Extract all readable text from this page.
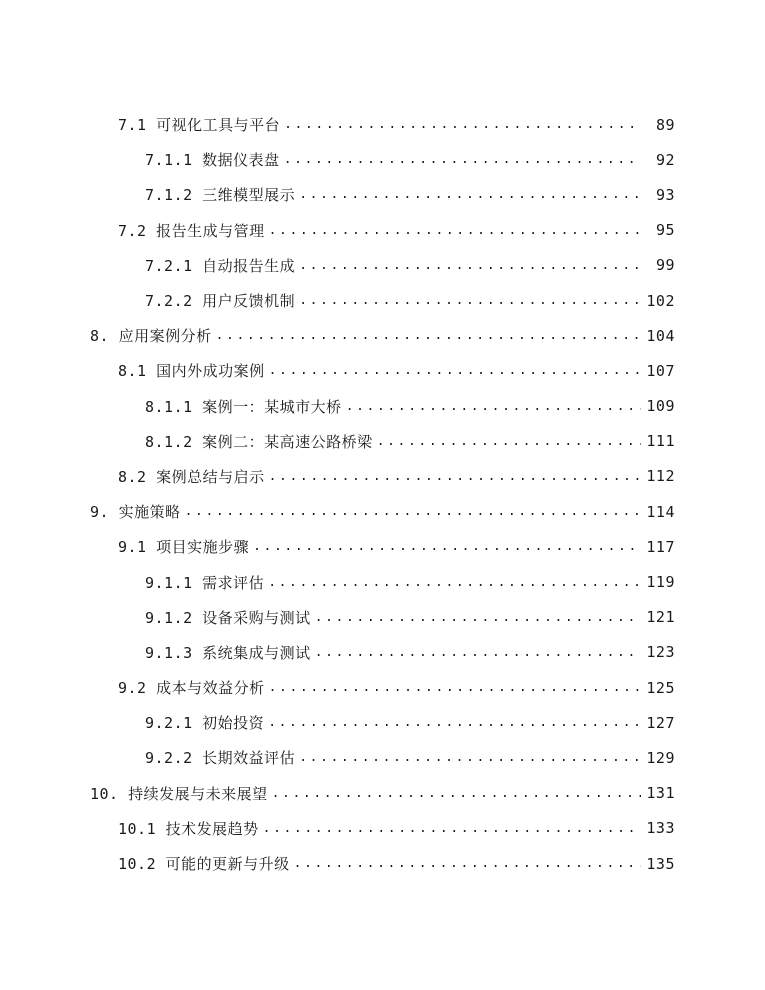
7.1 可视化工具与平台 .....	89
7.1.1 数据仪表盘 .....	92
7.1.2 三维模型展示 .....	93
7.2 报告生成与管理 .....	95
7.2.1 自动报告生成 .....	99
7.2.2 用户反馈机制 .....	102
8. 应用案例分析 .....	104
8.1 国内外成功案例 .....	107
8.1.1 案例一：某城市大桥 .....	109
8.1.2 案例二：某高速公路桥梁 .....	111
8.2 案例总结与启示 .....	112
9. 实施策略 .....	114
9.1 项目实施步骤 .....	117
9.1.1 需求评估 .....	119
9.1.2 设备采购与测试 .....	121
9.1.3 系统集成与测试 .....	123
9.2 成本与效益分析 .....	125
9.2.1 初始投资 .....	127
9.2.2 长期效益评估 .....	129
10. 持续发展与未来展望 .....	131
10.1 技术发展趋势 .....	133
10.2 可能的更新与升级 .....	135
